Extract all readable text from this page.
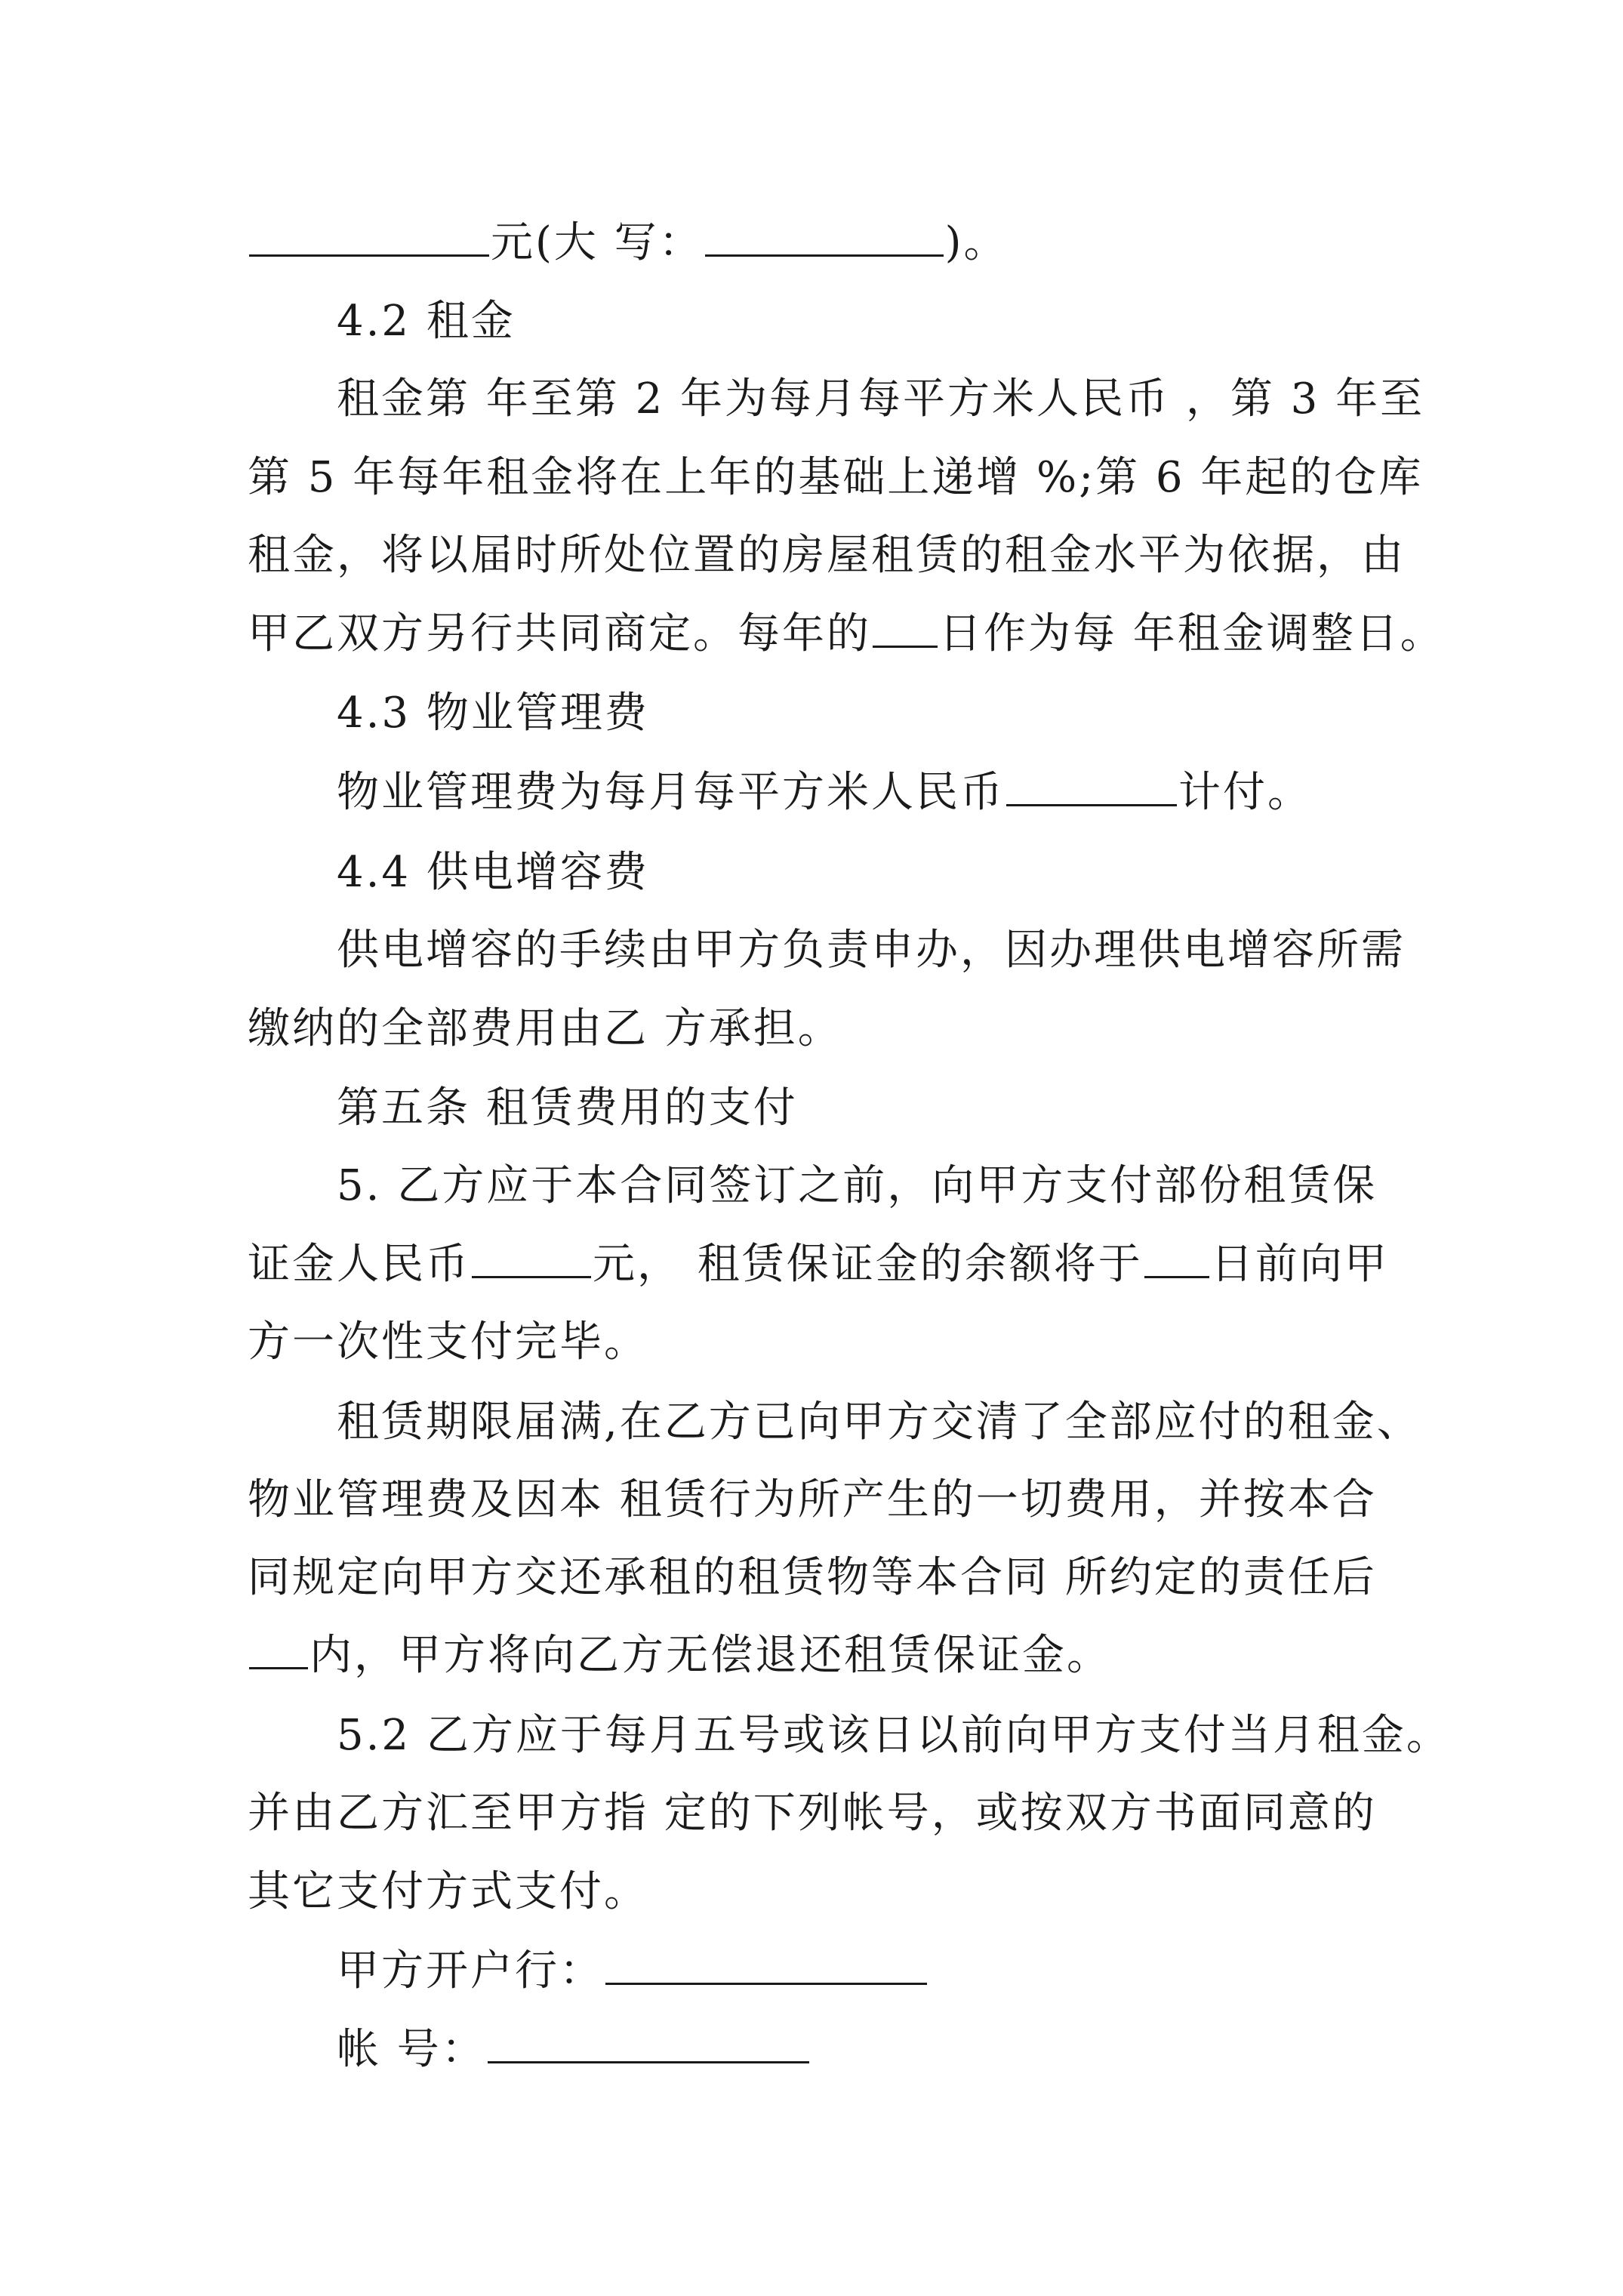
元(大 写：	)。
4.2 租金
租金第 年至第 2 年为每月每平方米人民币 ，第 3 年至
第 5 年每年租金将在上年的基础上递增 %;第 6 年起的仓库
租金，将以届时所处位置的房屋租赁的租金水平为依据，由
甲乙双方另行共同商定。每年的 日作为每 年租金调整日。
4.3 物业管理费
物业管理费为每月每平方米人民币	计付。
4.4 供电增容费
供电增容的手续由甲方负责申办，因办理供电增容所需
缴纳的全部费用由乙 方承担。
第五条 租赁费用的支付
5. 乙方应于本合同签订之前，向甲方支付部份租赁保
证金人民币	元， 租赁保证金的余额将于 日前向甲
方一次性支付完毕。
租赁期限届满,在乙方已向甲方交清了全部应付的租金、
物业管理费及因本 租赁行为所产生的一切费用，并按本合
同规定向甲方交还承租的租赁物等本合同 所约定的责任后
内，甲方将向乙方无偿退还租赁保证金。
5.2 乙方应于每月五号或该日以前向甲方支付当月租金。
并由乙方汇至甲方指 定的下列帐号，或按双方书面同意的
其它支付方式支付。
甲方开户行：
帐 号：
